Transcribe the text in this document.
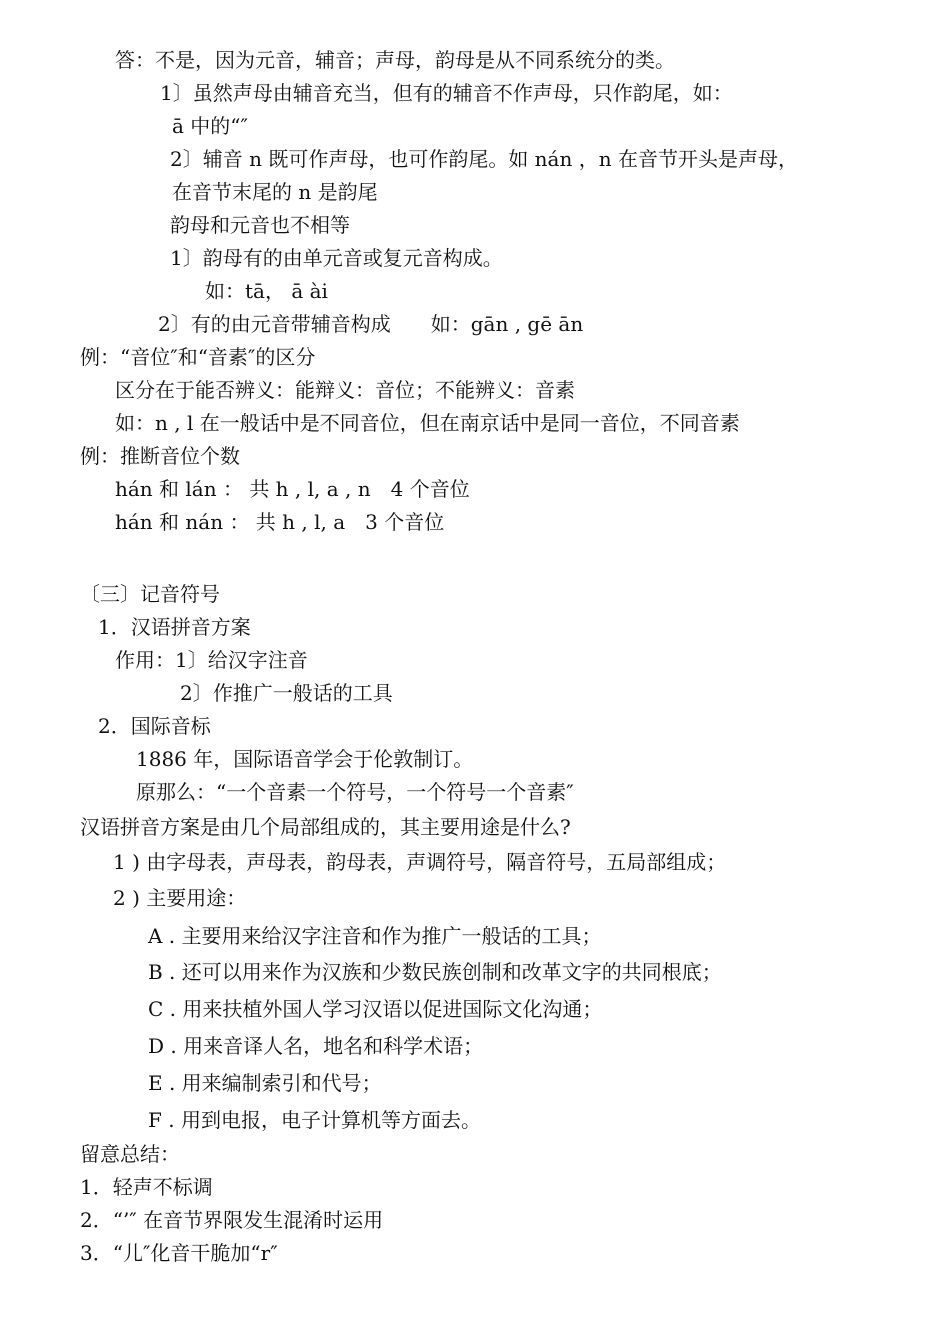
答：不是，因为元音，辅音；声母，韵母是从不同系统分的类。
1〕虽然声母由辅音充当，但有的辅音不作声母，只作韵尾，如：
ā 中的“″
2〕辅音 n 既可作声母，也可作韵尾。如 nán ，n 在音节开头是声母，
在音节末尾的 n 是韵尾
韵母和元音也不相等
1〕韵母有的由单元音或复元音构成。
如：tā， ā ài
2〕有的由元音带辅音构成　　如：gān , gē ān
例：“音位″和“音素″的区分
区分在于能否辨义：能辩义：音位；不能辨义：音素
如：n , l 在一般话中是不同音位，但在南京话中是同一音位，不同音素
例：推断音位个数
hán 和 lán ： 共 h , l, a , n　4 个音位
hán 和 nán ： 共 h , l, a　3 个音位
〔三〕记音符号
1．汉语拼音方案
作用：1〕给汉字注音
2〕作推广一般话的工具
2．国际音标
1886 年，国际语音学会于伦敦制订。
原那么：“一个音素一个符号，一个符号一个音素″
汉语拼音方案是由几个局部组成的，其主要用途是什么?
1 ) 由字母表，声母表，韵母表，声调符号，隔音符号，五局部组成；
2 ) 主要用途：
A . 主要用来给汉字注音和作为推广一般话的工具；
B . 还可以用来作为汉族和少数民族创制和改革文字的共同根底；
C . 用来扶植外国人学习汉语以促进国际文化沟通；
D . 用来音译人名，地名和科学术语；
E . 用来编制索引和代号；
F . 用到电报，电子计算机等方面去。
留意总结：
1．轻声不标调
2．“’″ 在音节界限发生混淆时运用
3．“儿″化音干脆加“r″
